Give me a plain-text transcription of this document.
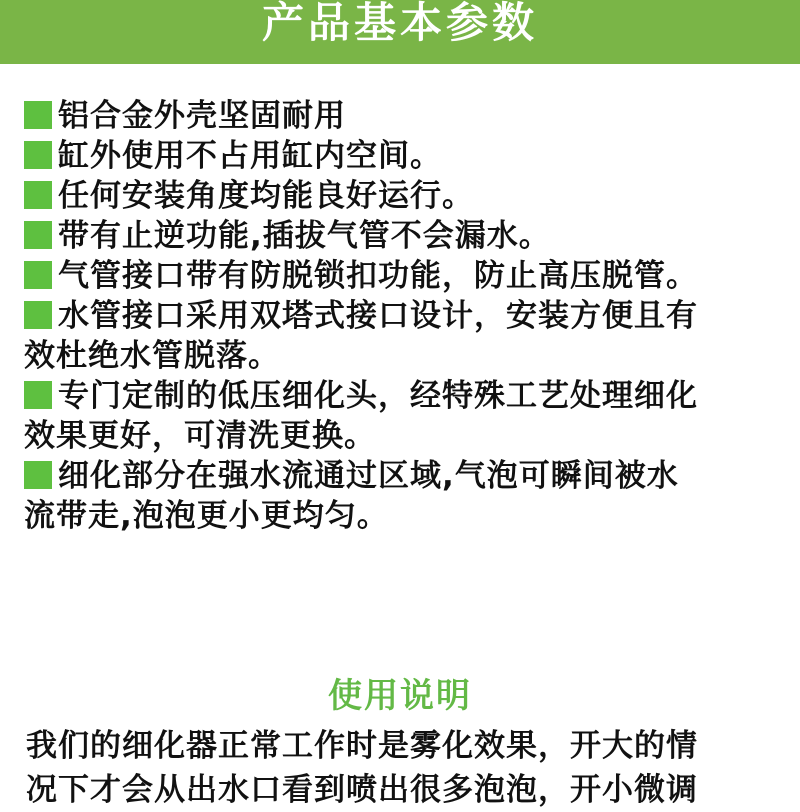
产品基本参数
铝合金外壳坚固耐用
缸外使用不占用缸内空间。
任何安装角度均能良好运行。
带有止逆功能,插拔气管不会漏水。
气管接口带有防脱锁扣功能，防止高压脱管。
水管接口采用双塔式接口设计，安装方便且有
效杜绝水管脱落。
专门定制的低压细化头，经特殊工艺处理细化
效果更好，可清洗更换。
细化部分在强水流通过区域,气泡可瞬间被水
流带走,泡泡更小更均匀。
使用说明
我们的细化器正常工作时是雾化效果，开大的情
况下才会从出水口看到喷出很多泡泡，开小微调
